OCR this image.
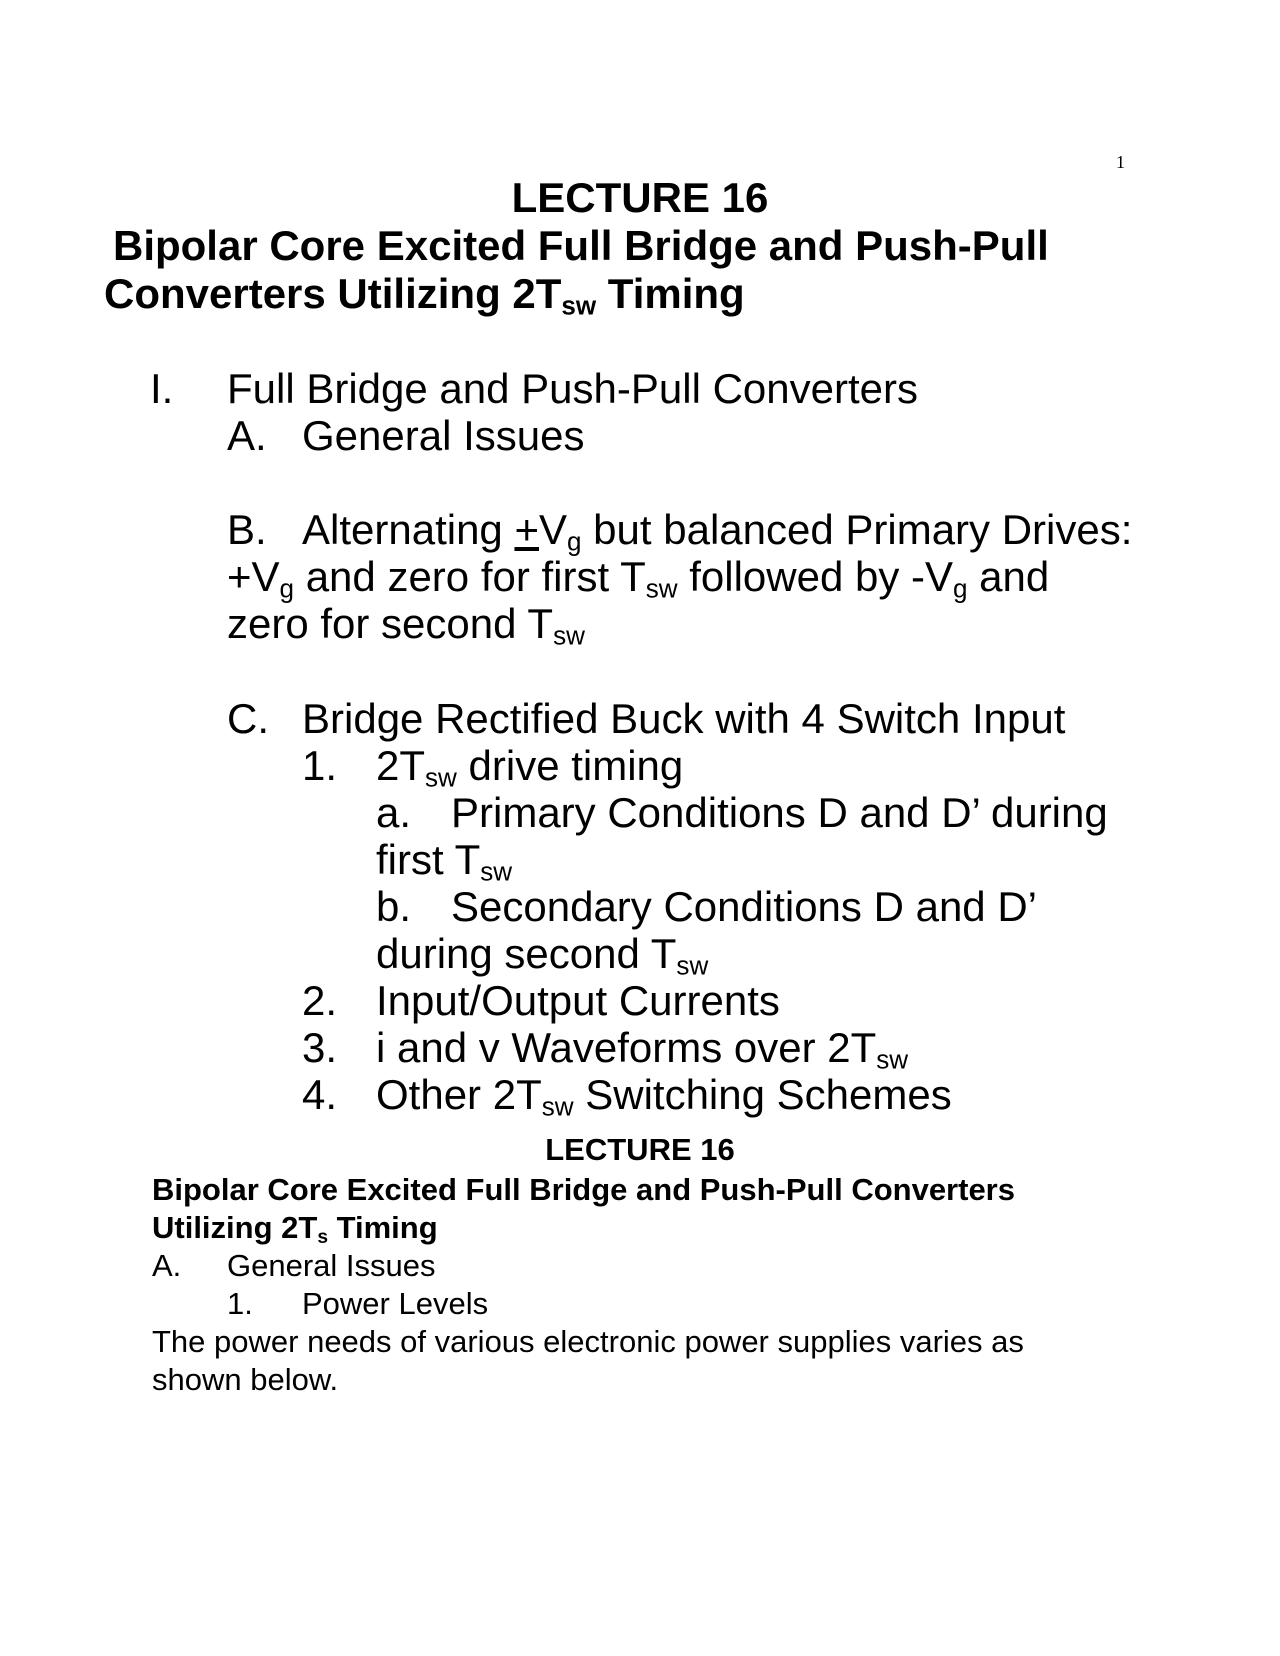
1
LECTURE 16
Bipolar Core Excited Full Bridge and Push-Pull
Converters Utilizing $2T_{sw}$ Timing
I. Full Bridge and Push-Pull Converters
A. General Issues
B. Alternating $+V_g$ but balanced Primary Drives:
$+V_g$ and zero for first $T_{sw}$ followed by $-V_g$ and
zero for second $T_{sw}$
C. Bridge Rectified Buck with 4 Switch Input
1. $2T_{sw}$ drive timing
a. Primary Conditions D and D’ during
first $T_{sw}$
b. Secondary Conditions D and D’
during second $T_{sw}$
2. Input/Output Currents
3. i and v Waveforms over $2T_{sw}$
4. Other $2T_{sw}$ Switching Schemes
LECTURE 16
Bipolar Core Excited Full Bridge and Push-Pull Converters
Utilizing $2T_s$ Timing
A. General Issues
1. Power Levels
The power needs of various electronic power supplies varies as
shown below.
